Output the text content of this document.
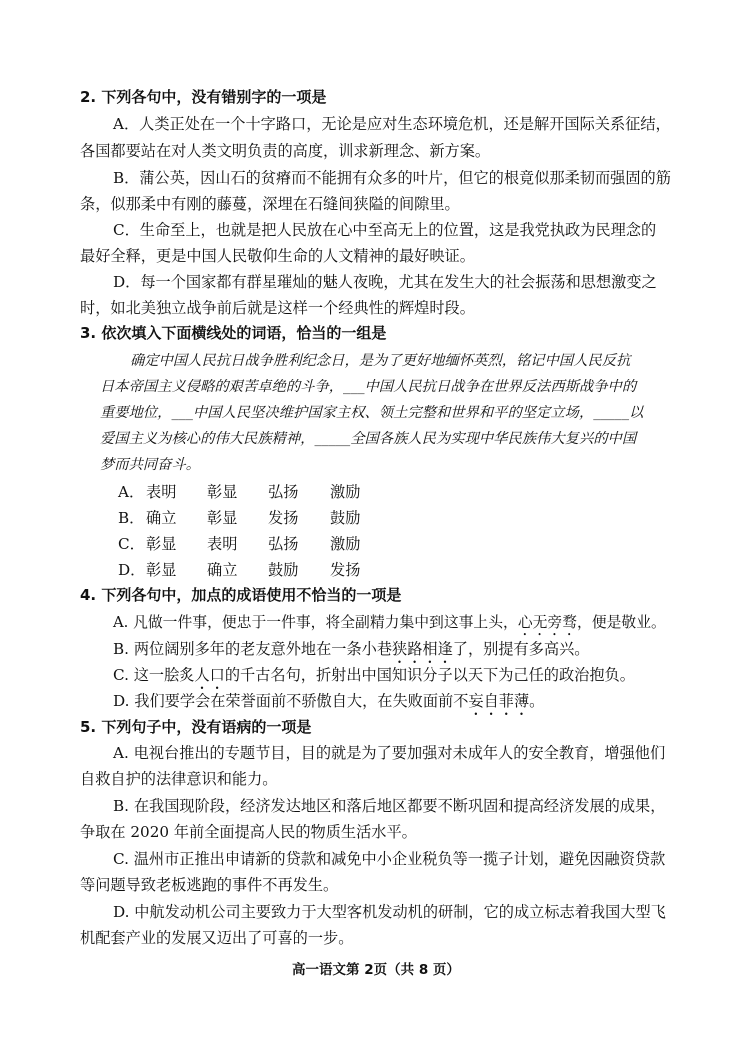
2. 下列各句中，没有错别字的一项是
A．人类正处在一个十字路口，无论是应对生态环境危机，还是解开国际关系征结，
各国都要站在对人类文明负责的高度，训求新理念、新方案。
B．蒲公英，因山石的贫瘠而不能拥有众多的叶片，但它的根竟似那柔韧而强固的筋
条，似那柔中有刚的藤蔓，深埋在石缝间狭隘的间隙里。
C．生命至上，也就是把人民放在心中至高无上的位置，这是我党执政为民理念的
最好全释，更是中国人民敬仰生命的人文精神的最好映证。
D．每一个国家都有群星璀灿的魅人夜晚，尤其在发生大的社会振荡和思想激变之
时，如北美独立战争前后就是这样一个经典性的辉煌时段。
3. 依次填入下面横线处的词语，恰当的一组是
确定中国人民抗日战争胜利纪念日，是为了更好地缅怀英烈，铭记中国人民反抗
日本帝国主义侵略的艰苦卓绝的斗争，___中国人民抗日战争在世界反法西斯战争中的
重要地位，___中国人民坚决维护国家主权、领土完整和世界和平的坚定立场，_____以
爱国主义为核心的伟大民族精神，_____全国各族人民为实现中华民族伟大复兴的中国
梦而共同奋斗。
A． 表明 彰显 弘扬 激励
B． 确立 彰显 发扬 鼓励
C． 彰显 表明 弘扬 激励
D． 彰显 确立 鼓励 发扬
4. 下列各句中，加点的成语使用不恰当的一项是
A. 凡做一件事，便忠于一件事，将全副精力集中到这事上头，心无旁骛，便是敬业。
B. 两位阔别多年的老友意外地在一条小巷狭路相逢了，别提有多高兴。
C. 这一脍炙人口的千古名句，折射出中国知识分子以天下为己任的政治抱负。
D. 我们要学会在荣誉面前不骄傲自大，在失败面前不妄自菲薄。
5. 下列句子中，没有语病的一项是
A. 电视台推出的专题节目，目的就是为了要加强对未成年人的安全教育，增强他们
自救自护的法律意识和能力。
B. 在我国现阶段，经济发达地区和落后地区都要不断巩固和提高经济发展的成果，
争取在 2020 年前全面提高人民的物质生活水平。
C. 温州市正推出申请新的贷款和减免中小企业税负等一揽子计划，避免因融资贷款
等问题导致老板逃跑的事件不再发生。
D. 中航发动机公司主要致力于大型客机发动机的研制，它的成立标志着我国大型飞
机配套产业的发展又迈出了可喜的一步。
高一语文第 2页（共 8 页）
